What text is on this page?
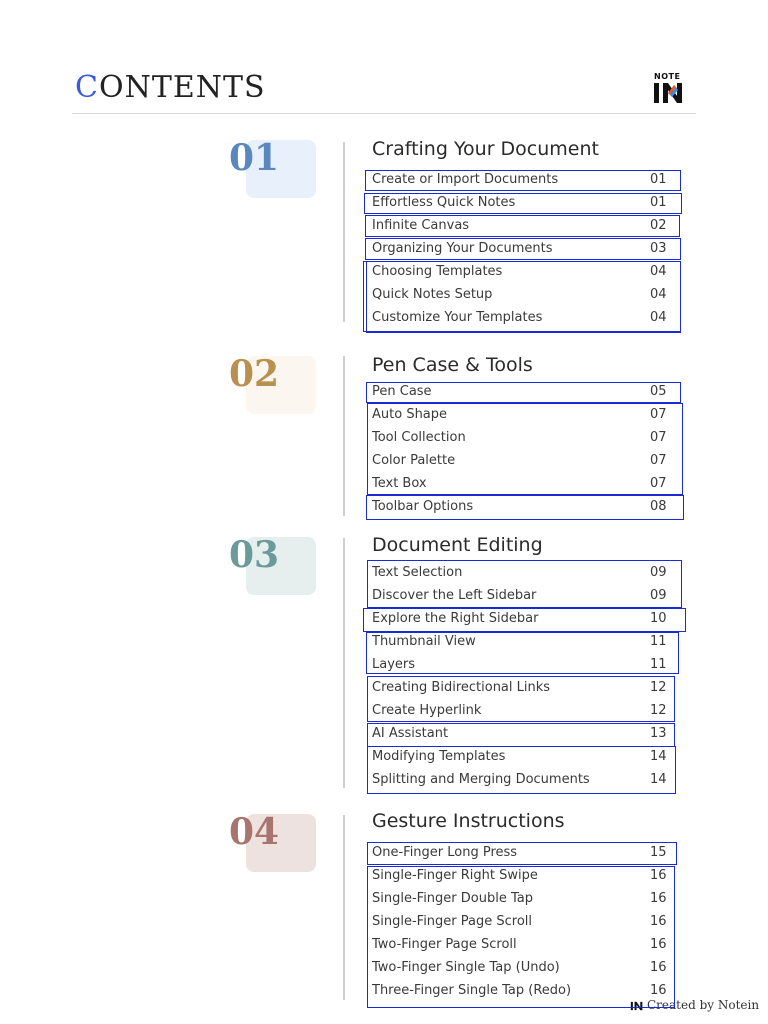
CONTENTS	NOTE
01	Crafting Your Document
Create or Import Documents	01
Effortless Quick Notes	01
Infinite Canvas	02
Organizing Your Documents	03
Choosing Templates	04
Quick Notes Setup	04
Customize Your Templates	04
02	Pen Case & Tools
Pen Case	05
Auto Shape	07
Tool Collection	07
Color Palette	07
Text Box	07
Toolbar Options	08
03	Document Editing
Text Selection	09
Discover the Left Sidebar	09
Explore the Right Sidebar	10
Thumbnail View	11
Layers	11
Creating Bidirectional Links	12
Create Hyperlink	12
AI Assistant	13
Modifying Templates	14
Splitting and Merging Documents	14
04	Gesture Instructions
One-Finger Long Press	15
Single-Finger Right Swipe	16
Single-Finger Double Tap	16
Single-Finger Page Scroll	16
Two-Finger Page Scroll	16
Two-Finger Single Tap (Undo)	16
Three-Finger Single Tap (Redo)	16
Created by Notein
